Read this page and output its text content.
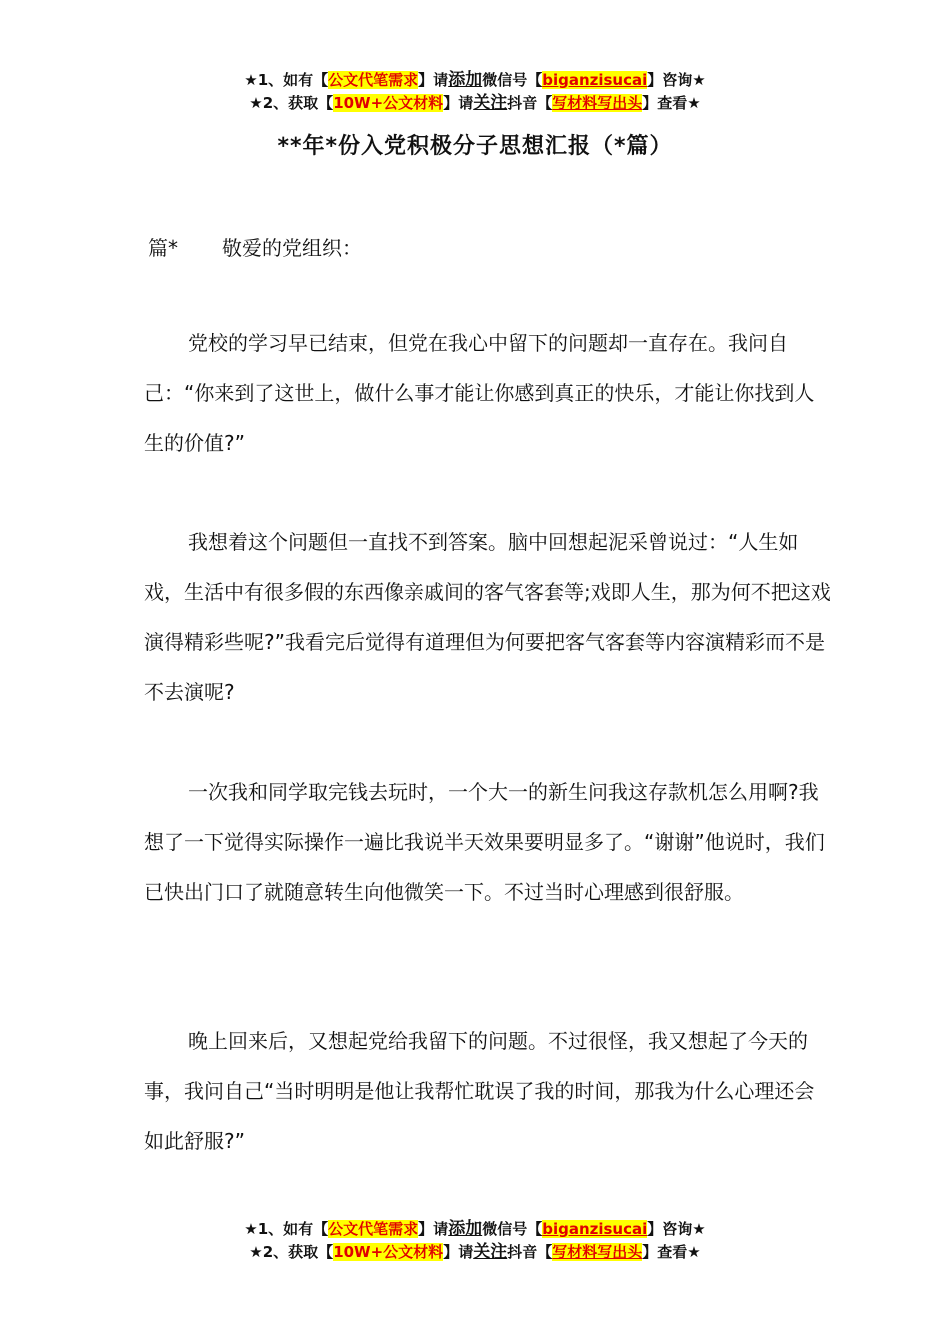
★1、如有【公文代笔需求】请添加微信号【biganzisucai】咨询★
★2、获取【10W+公文材料】请关注抖音【写材料写出头】查看★
**年*份入党积极分子思想汇报（*篇）
篇* 敬爱的党组织：

党校的学习早已结束，但党在我心中留下的问题却一直存在。我问自己：“你来到了这世上，做什么事才能让你感到真正的快乐，才能让你找到人生的价值?”

我想着这个问题但一直找不到答案。脑中回想起泥采曾说过：“人生如戏，生活中有很多假的东西像亲戚间的客气客套等;戏即人生，那为何不把这戏演得精彩些呢?”我看完后觉得有道理但为何要把客气客套等内容演精彩而不是不去演呢?

一次我和同学取完钱去玩时，一个大一的新生问我这存款机怎么用啊?我想了一下觉得实际操作一遍比我说半天效果要明显多了。“谢谢”他说时，我们已快出门口了就随意转生向他微笑一下。不过当时心理感到很舒服。

晚上回来后，又想起党给我留下的问题。不过很怪，我又想起了今天的事，我问自己“当时明明是他让我帮忙耽误了我的时间，那我为什么心理还会如此舒服?”

★1、如有【公文代笔需求】请添加微信号【biganzisucai】咨询★
★2、获取【10W+公文材料】请关注抖音【写材料写出头】查看★
